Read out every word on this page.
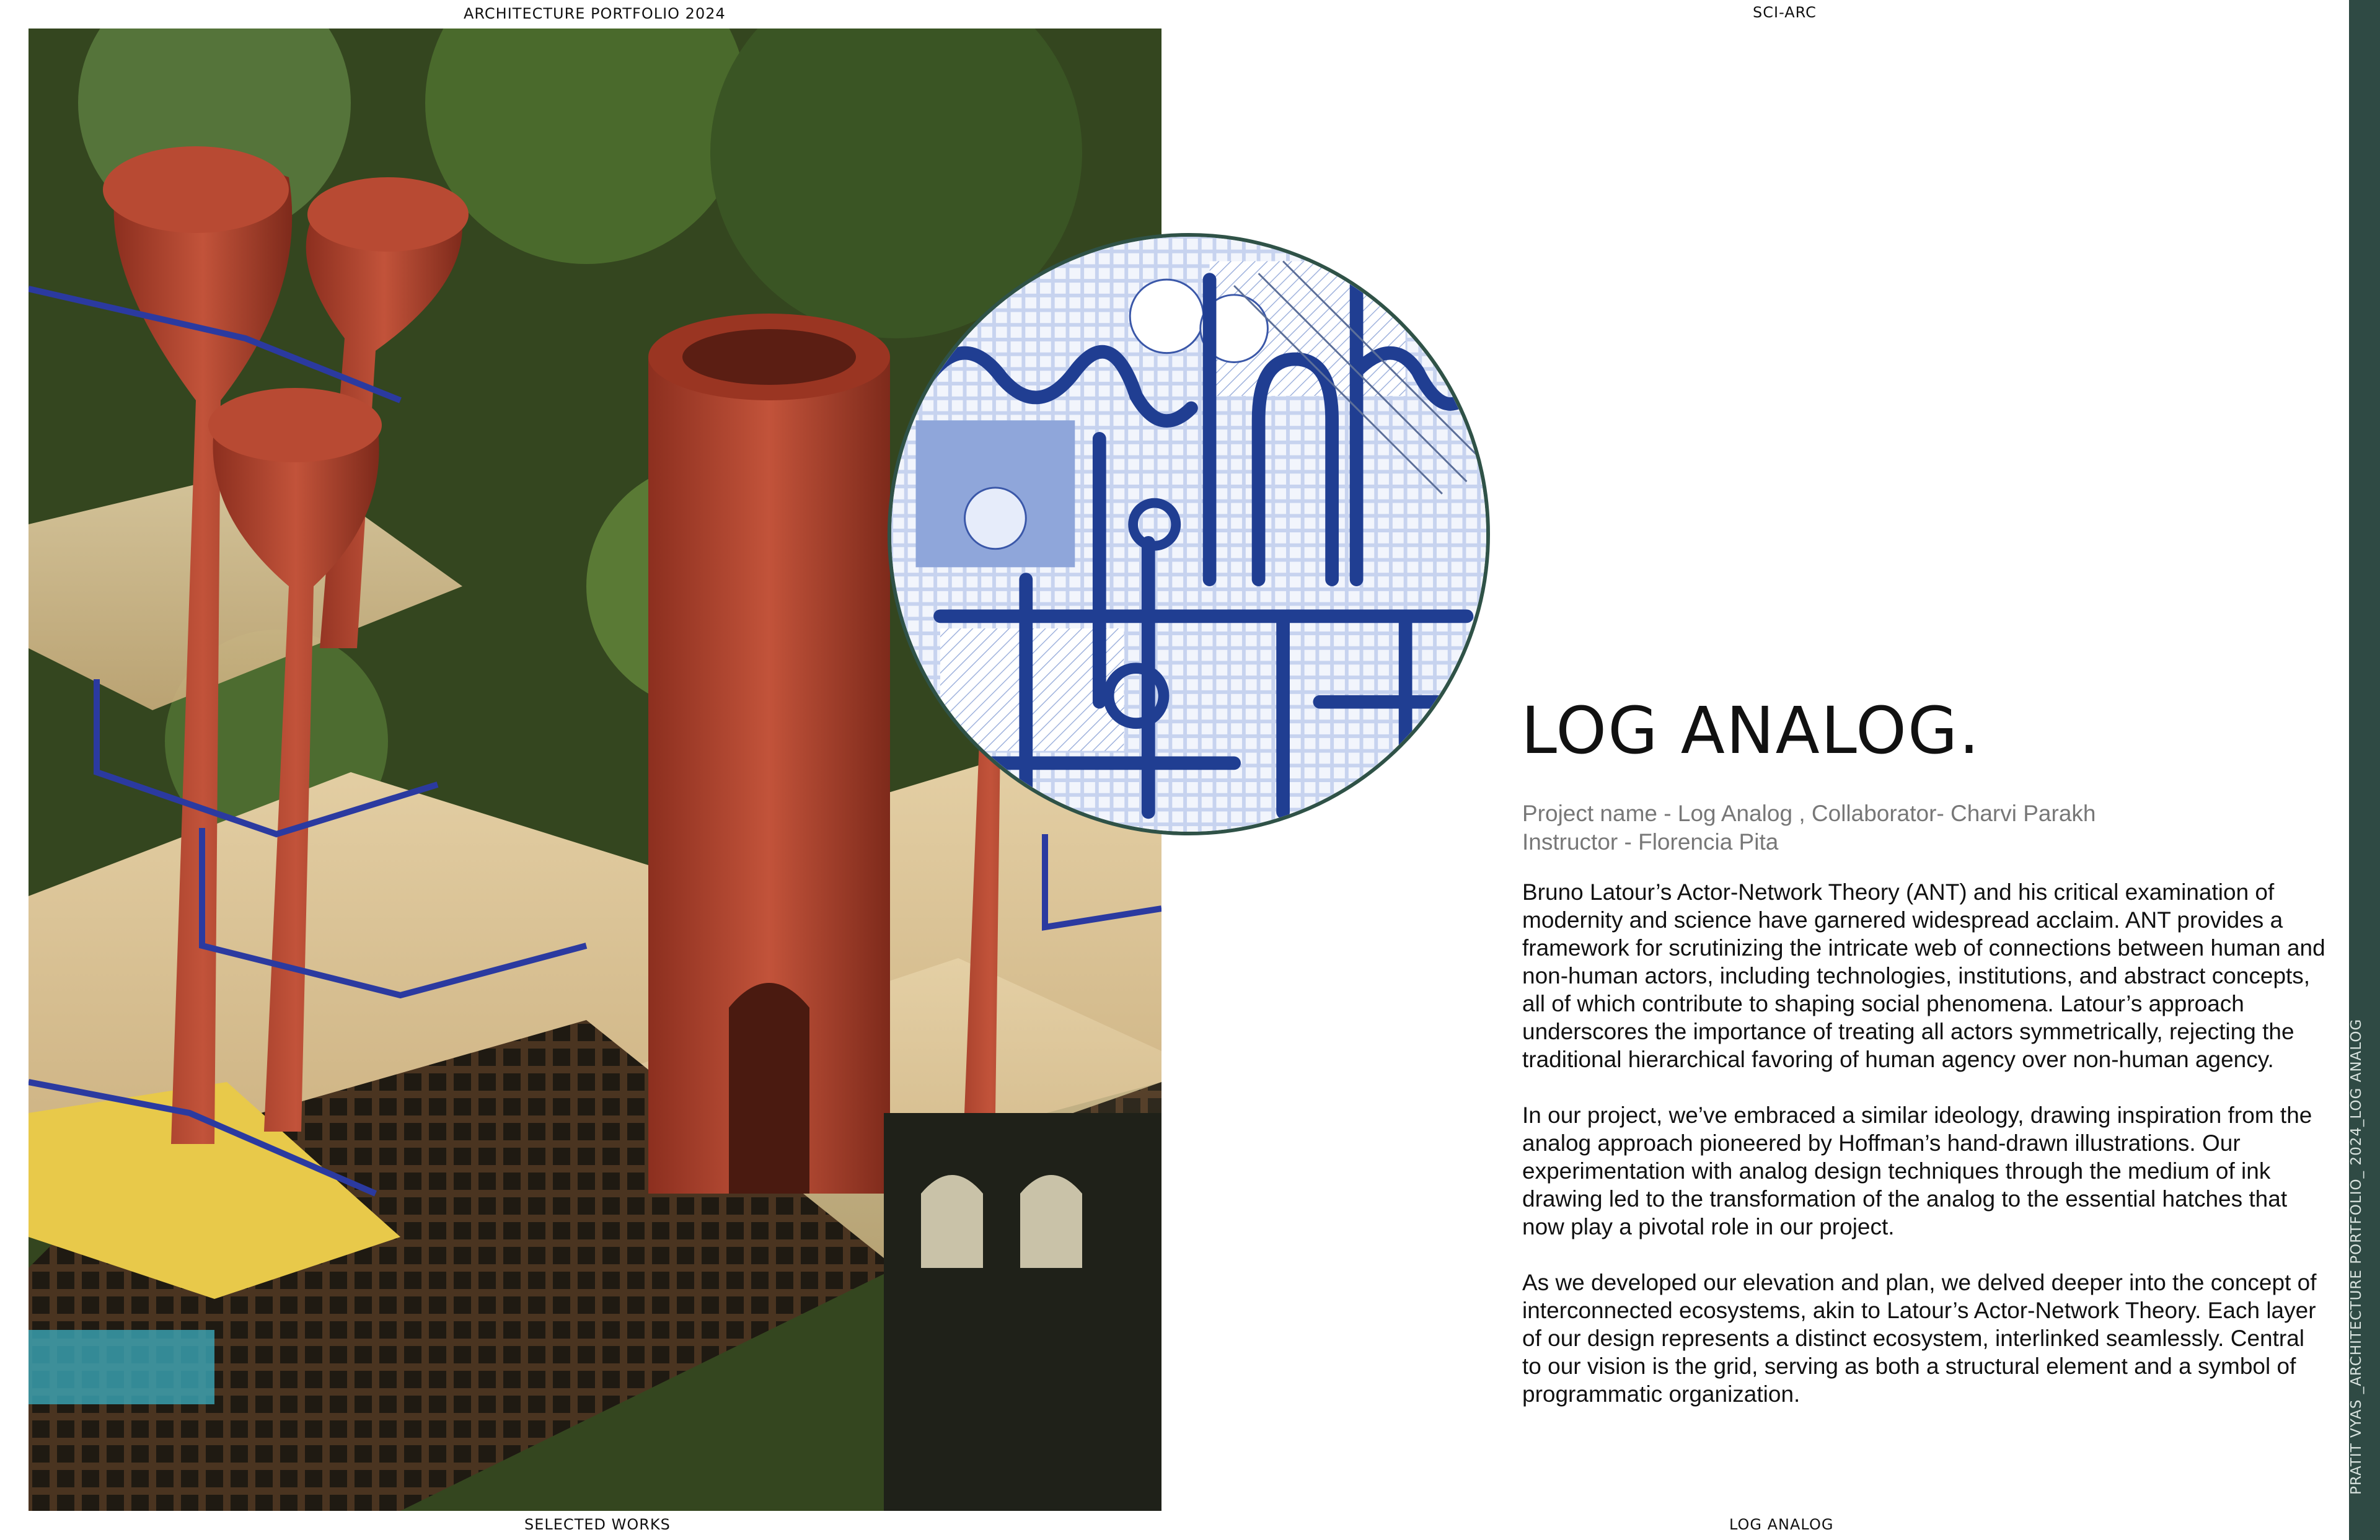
ARCHITECTURE PORTFOLIO 2024	SCI-ARC
LOG ANALOG.
Project name - Log Analog , Collaborator- Charvi Parakh
Instructor - Florencia Pita

Bruno Latour’s Actor-Network Theory (ANT) and his critical examination of modernity and science have garnered widespread acclaim. ANT provides a framework for scrutinizing the intricate web of connections between human and non-human actors, including technologies, institutions, and abstract concepts, all of which contribute to shaping social phenomena. Latour’s approach underscores the importance of treating all actors symmetrically, rejecting the traditional hierarchical favoring of human agency over non-human agency.

In our project, we’ve embraced a similar ideology, drawing inspiration from the analog approach pioneered by Hoffman’s hand-drawn illustrations. Our experimentation with analog design techniques through the medium of ink drawing led to the transformation of the analog to the essential hatches that now play a pivotal role in our project.

As we developed our elevation and plan, we delved deeper into the concept of interconnected ecosystems, akin to Latour’s Actor-Network Theory. Each layer of our design represents a distinct ecosystem, interlinked seamlessly. Central to our vision is the grid, serving as both a structural element and a symbol of programmatic organization.

SELECTED WORKS	LOG ANALOG
PRATIT VYAS _ARCHITECTURE PORTFOLIO_ 2024_LOG ANALOG
